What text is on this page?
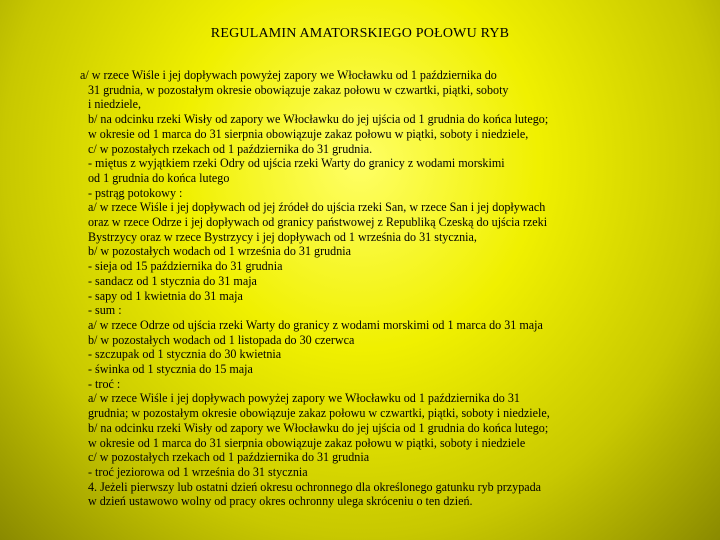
REGULAMIN AMATORSKIEGO POŁOWU RYB
a/ w rzece Wiśle i jej dopływach powyżej zapory we Włocławku od 1 października do
31 grudnia, w pozostałym okresie obowiązuje zakaz połowu w czwartki, piątki, soboty
i niedziele,
b/ na odcinku rzeki Wisły od zapory we Włocławku do jej ujścia od 1 grudnia do końca lutego;
w okresie od 1 marca do 31 sierpnia obowiązuje zakaz połowu w piątki, soboty i niedziele,
c/ w pozostałych rzekach od 1 października do 31 grudnia.
- miętus z wyjątkiem rzeki Odry od ujścia rzeki Warty do granicy z wodami morskimi
od 1 grudnia do końca lutego
- pstrąg potokowy :
a/ w rzece Wiśle i jej dopływach od jej źródeł do ujścia rzeki San, w rzece San i jej dopływach
oraz w rzece Odrze i jej dopływach od granicy państwowej z Republiką Czeską do ujścia rzeki
Bystrzycy oraz w rzece Bystrzycy i jej dopływach od 1 września do 31 stycznia,
b/ w pozostałych wodach od 1 września do 31 grudnia
- sieja od 15 października do 31 grudnia
- sandacz od 1 stycznia do 31 maja
- sapy od 1 kwietnia do 31 maja
- sum :
a/ w rzece Odrze od ujścia rzeki Warty do granicy z wodami morskimi od 1 marca do 31 maja
b/ w pozostałych wodach od 1 listopada do 30 czerwca
- szczupak od 1 stycznia do 30 kwietnia
- świnka od 1 stycznia do 15 maja
- troć :
a/ w rzece Wiśle i jej dopływach powyżej zapory we Włocławku od 1 października do 31
grudnia; w pozostałym okresie obowiązuje zakaz połowu w czwartki, piątki, soboty i niedziele,
b/ na odcinku rzeki Wisły od zapory we Włocławku do jej ujścia od 1 grudnia do końca lutego;
w okresie od 1 marca do 31 sierpnia obowiązuje zakaz połowu w piątki, soboty i niedziele
c/ w pozostałych rzekach od 1 października do 31 grudnia
- troć jeziorowa od 1 września do 31 stycznia
4. Jeżeli pierwszy lub ostatni dzień okresu ochronnego dla określonego gatunku ryb przypada
w dzień ustawowo wolny od pracy okres ochronny ulega skróceniu o ten dzień.
